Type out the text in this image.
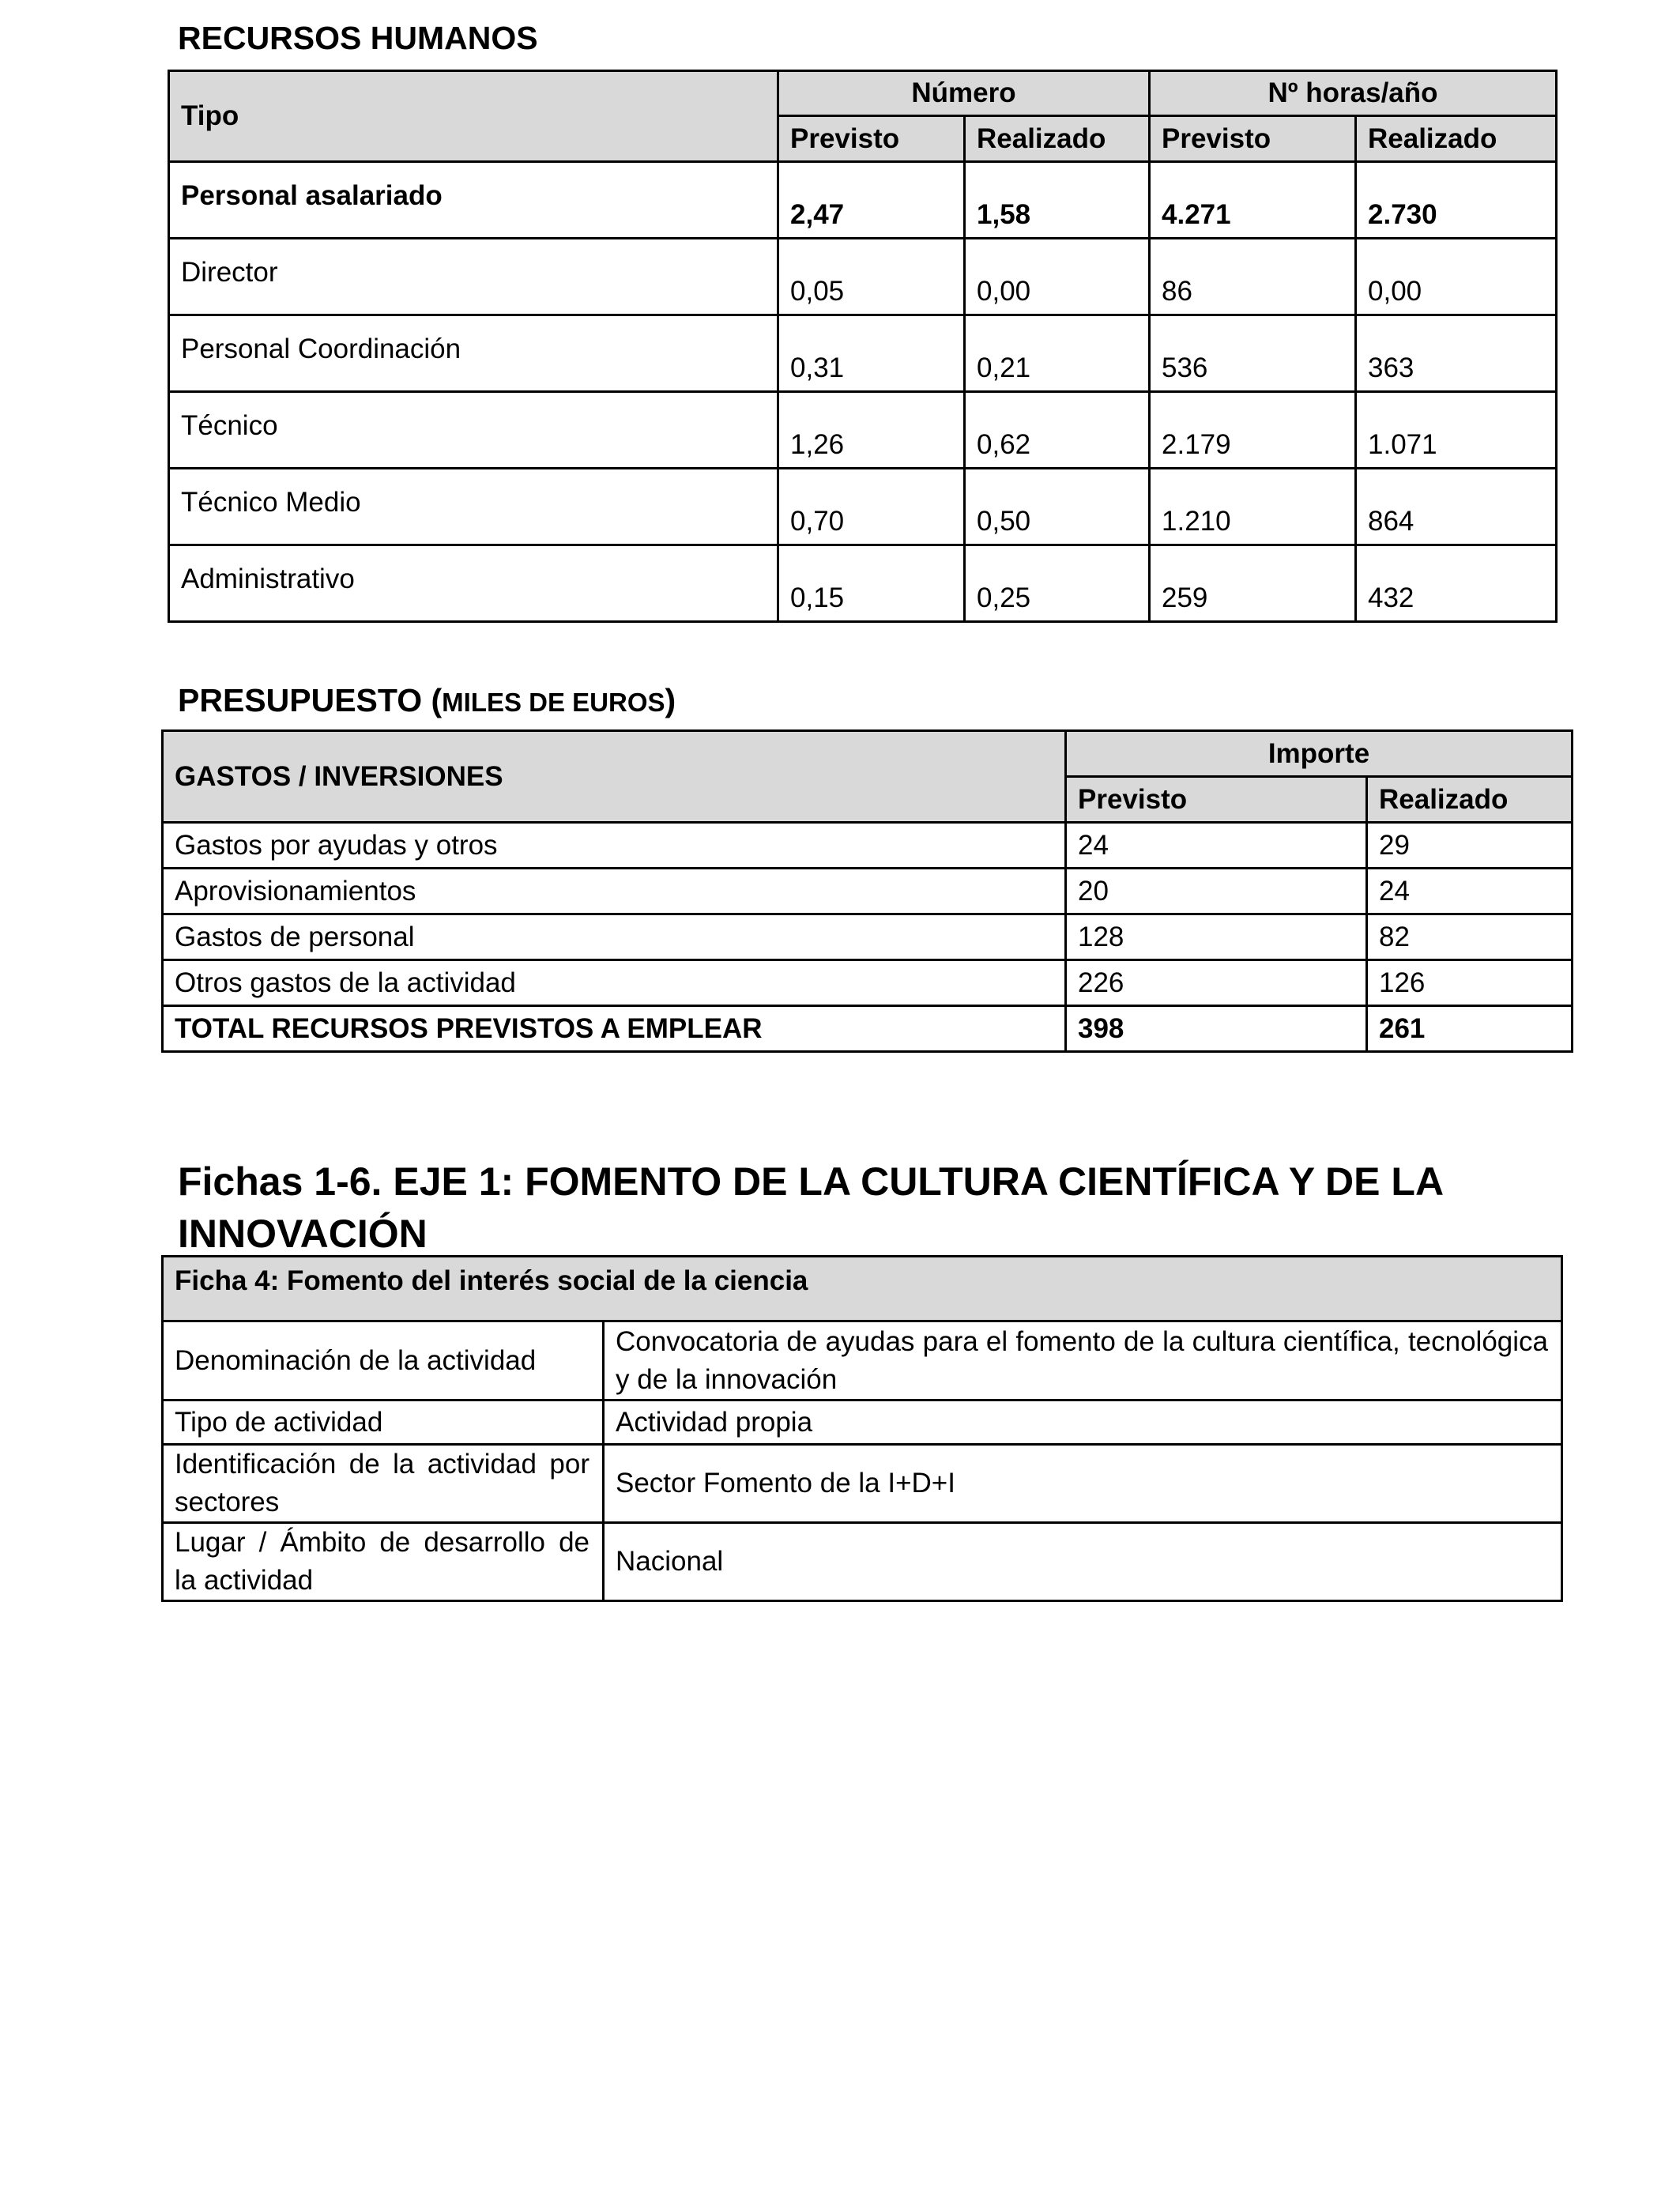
RECURSOS HUMANOS
Tipo	Número		Nº horas/año	
	Previsto	Realizado	Previsto	Realizado
Personal asalariado	2,47	1,58	4.271	2.730
Director	0,05	0,00	86	0,00
Personal Coordinación	0,31	0,21	536	363
Técnico	1,26	0,62	2.179	1.071
Técnico Medio	0,70	0,50	1.210	864
Administrativo	0,15	0,25	259	432
PRESUPUESTO (MILES DE EUROS)
GASTOS / INVERSIONES	Importe	
	Previsto	Realizado
Gastos por ayudas y otros	24	29
Aprovisionamientos	20	24
Gastos de personal	128	82
Otros gastos de la actividad	226	126
TOTAL RECURSOS PREVISTOS A EMPLEAR	398	261
Fichas 1-6. EJE 1: FOMENTO DE LA CULTURA CIENTÍFICA Y DE LA INNOVACIÓN
Ficha 4: Fomento del interés social de la ciencia	
Denominación de la actividad	Convocatoria de ayudas para el fomento de la cultura científica, tecnológica y de la innovación
Tipo de actividad	Actividad propia
Identificación de la actividad por sectores	Sector Fomento de la I+D+I
Lugar / Ámbito de desarrollo de la actividad	Nacional
